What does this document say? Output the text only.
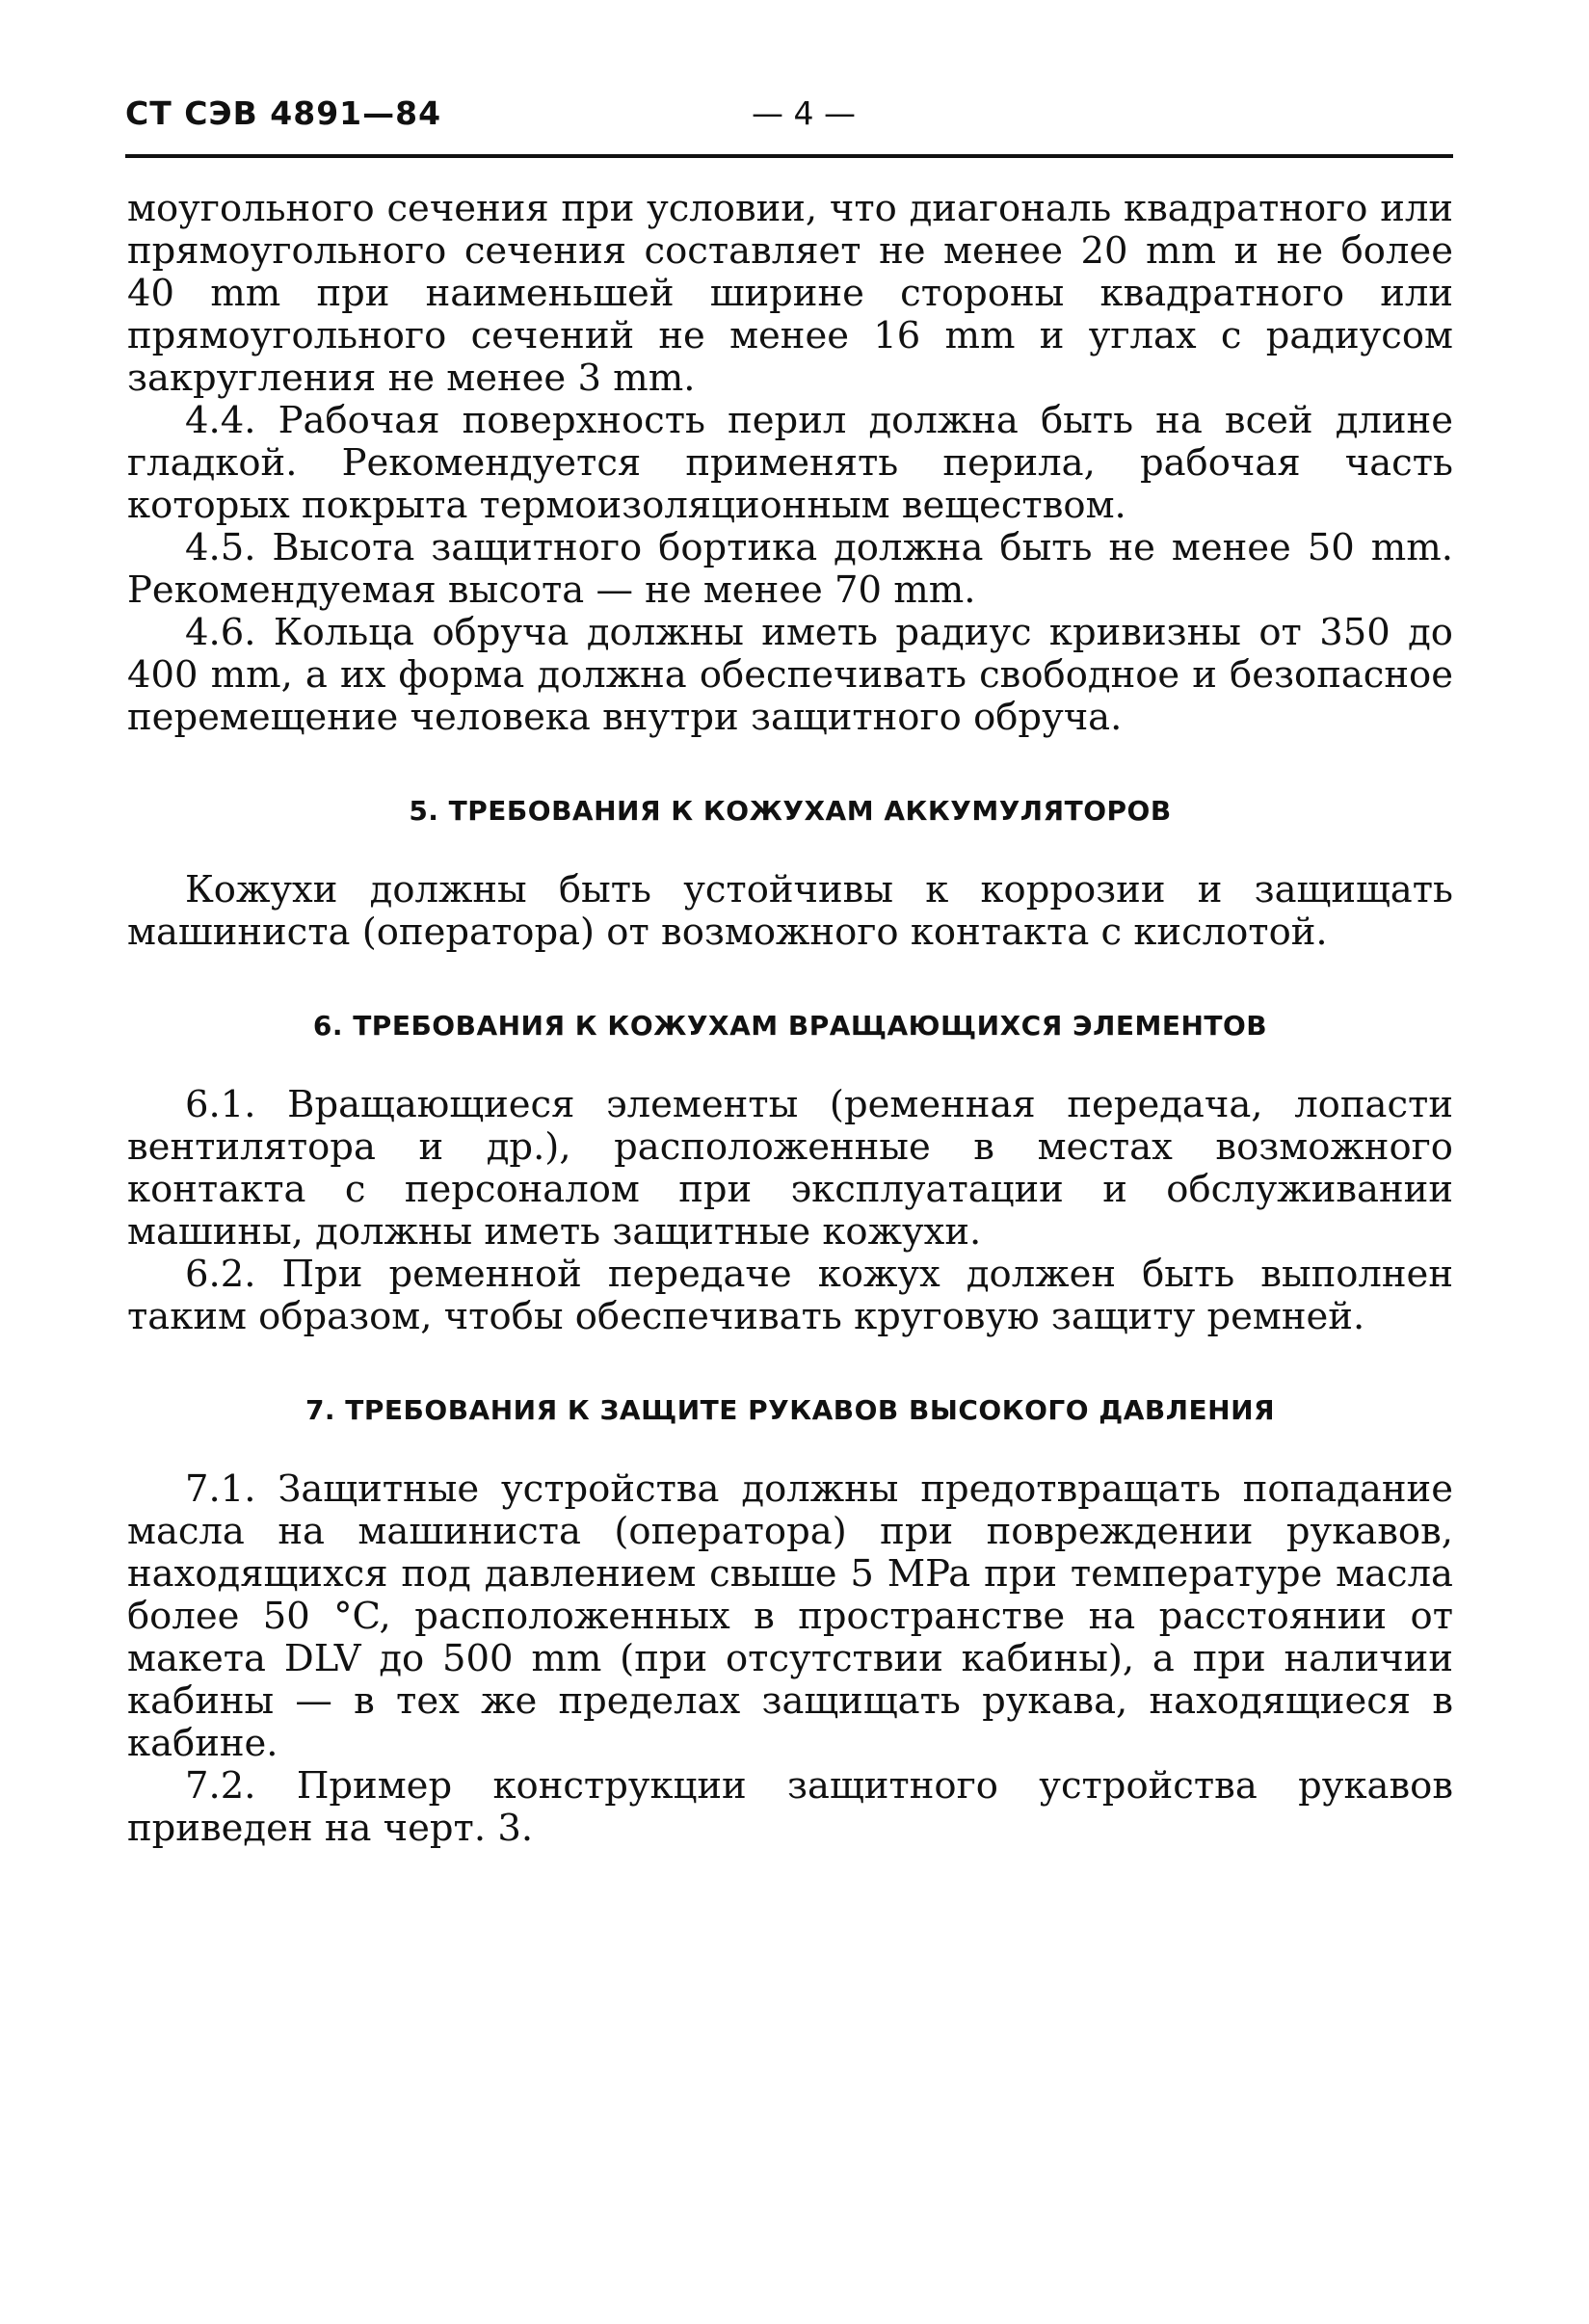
СТ СЭВ 4891—84	— 4 —

моугольного сечения при условии, что диагональ квадратного или прямоугольного сечения составляет не менее 20 mm и не более 40 mm при наименьшей ширине стороны квадратного или прямоугольного сечений не менее 16 mm и углах с радиусом закругления не менее 3 mm.

4.4. Рабочая поверхность перил должна быть на всей длине гладкой. Рекомендуется применять перила, рабочая часть которых покрыта термоизоляционным веществом.

4.5. Высота защитного бортика должна быть не менее 50 mm. Рекомендуемая высота — не менее 70 mm.

4.6. Кольца обруча должны иметь радиус кривизны от 350 до 400 mm, а их форма должна обеспечивать свободное и безопасное перемещение человека внутри защитного обруча.

5. ТРЕБОВАНИЯ К КОЖУХАМ АККУМУЛЯТОРОВ

Кожухи должны быть устойчивы к коррозии и защищать машиниста (оператора) от возможного контакта с кислотой.

6. ТРЕБОВАНИЯ К КОЖУХАМ ВРАЩАЮЩИХСЯ ЭЛЕМЕНТОВ

6.1. Вращающиеся элементы (ременная передача, лопасти вентилятора и др.), расположенные в местах возможного контакта с персоналом при эксплуатации и обслуживании машины, должны иметь защитные кожухи.

6.2. При ременной передаче кожух должен быть выполнен таким образом, чтобы обеспечивать круговую защиту ремней.

7. ТРЕБОВАНИЯ К ЗАЩИТЕ РУКАВОВ ВЫСОКОГО ДАВЛЕНИЯ

7.1. Защитные устройства должны предотвращать попадание масла на машиниста (оператора) при повреждении рукавов, находящихся под давлением свыше 5 MPa при температуре масла более 50 °C, расположенных в пространстве на расстоянии от макета DLV до 500 mm (при отсутствии кабины), а при наличии кабины — в тех же пределах защищать рукава, находящиеся в кабине.

7.2. Пример конструкции защитного устройства рукавов приведен на черт. 3.
